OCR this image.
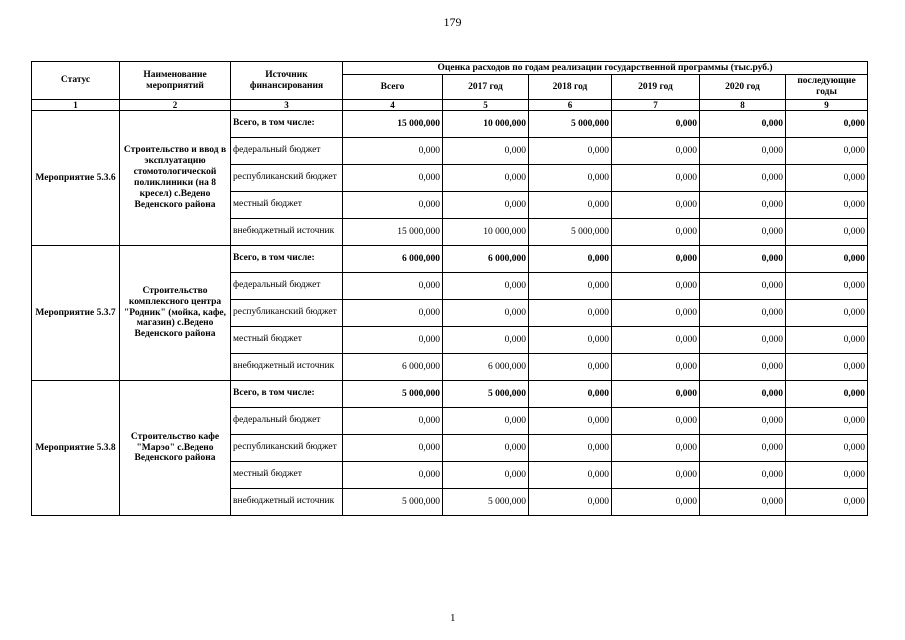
179
Статус	Наименование мероприятий	Источник финансирования	Оценка расходов по годам реализации государственной программы (тыс.руб.)					
			Всего	2017 год	2018 год	2019 год	2020 год	последующие годы
1	2	3	4	5	6	7	8	9
Мероприятие 5.3.6	Строительство и ввод в эксплуатацию стомотологической поликлиники (на 8 кресел) с.Ведено Веденского района	Всего, в том числе:	15 000,000	10 000,000	5 000,000	0,000	0,000	0,000
		федеральный бюджет	0,000	0,000	0,000	0,000	0,000	0,000
		республиканский бюджет	0,000	0,000	0,000	0,000	0,000	0,000
		местный бюджет	0,000	0,000	0,000	0,000	0,000	0,000
		внебюджетный источник	15 000,000	10 000,000	5 000,000	0,000	0,000	0,000
Мероприятие 5.3.7	Строительство комплексного центра "Родник" (мойка, кафе, магазин) с.Ведено Веденского района	Всего, в том числе:	6 000,000	6 000,000	0,000	0,000	0,000	0,000
		федеральный бюджет	0,000	0,000	0,000	0,000	0,000	0,000
		республиканский бюджет	0,000	0,000	0,000	0,000	0,000	0,000
		местный бюджет	0,000	0,000	0,000	0,000	0,000	0,000
		внебюджетный источник	6 000,000	6 000,000	0,000	0,000	0,000	0,000
Мероприятие 5.3.8	Строительство кафе "Марэо" с.Ведено Веденского района	Всего, в том числе:	5 000,000	5 000,000	0,000	0,000	0,000	0,000
		федеральный бюджет	0,000	0,000	0,000	0,000	0,000	0,000
		республиканский бюджет	0,000	0,000	0,000	0,000	0,000	0,000
		местный бюджет	0,000	0,000	0,000	0,000	0,000	0,000
		внебюджетный источник	5 000,000	5 000,000	0,000	0,000	0,000	0,000
1
